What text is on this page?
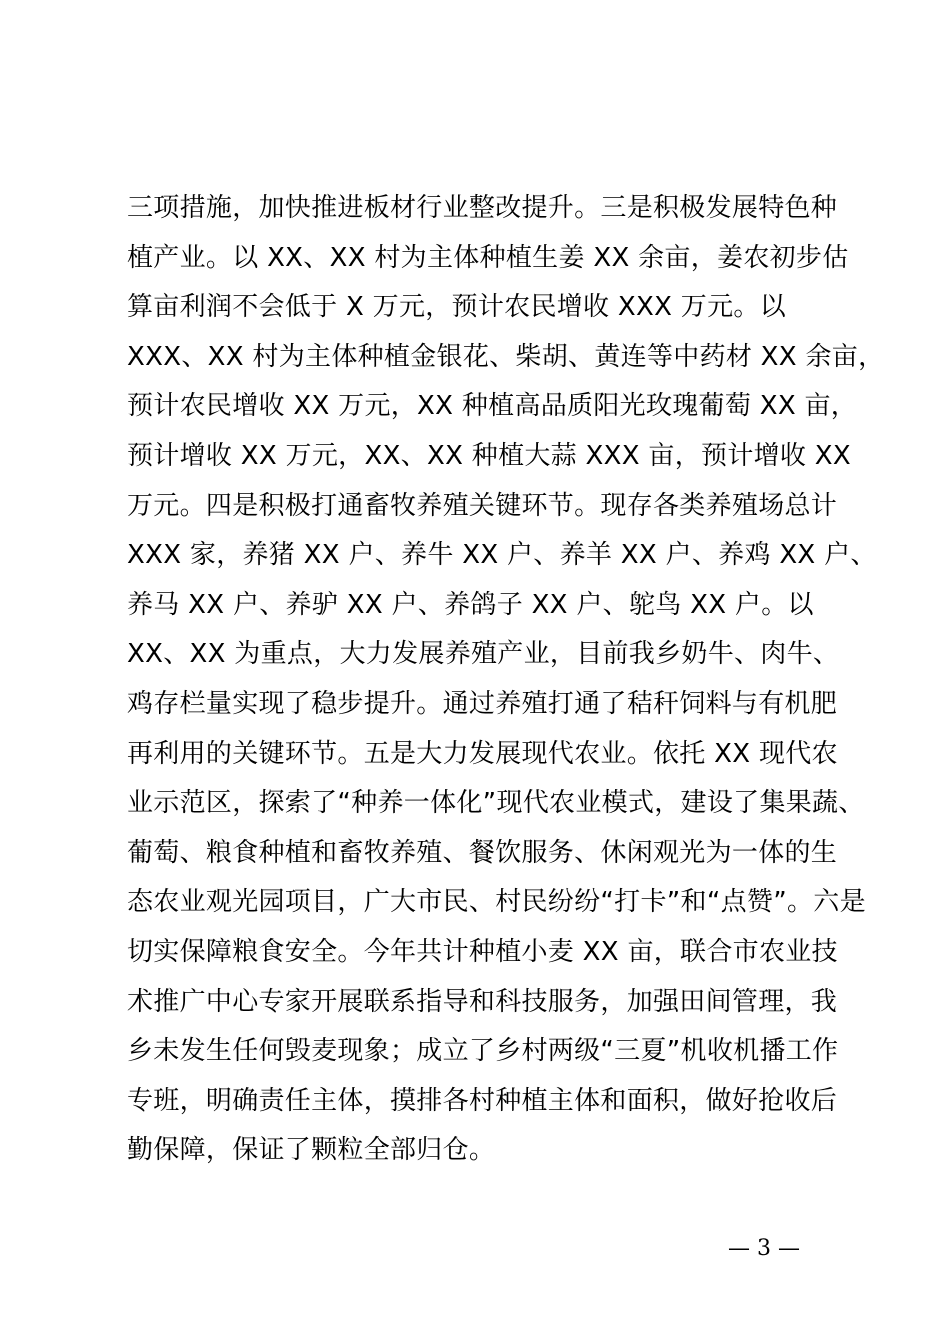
三项措施，加快推进板材行业整改提升。三是积极发展特色种
植产业。以 XX、XX 村为主体种植生姜 XX 余亩，姜农初步估
算亩利润不会低于 X 万元，预计农民增收 XXX 万元。以
XXX、XX 村为主体种植金银花、柴胡、黄连等中药材 XX 余亩，
预计农民增收 XX 万元，XX 种植高品质阳光玫瑰葡萄 XX 亩，
预计增收 XX 万元，XX、XX 种植大蒜 XXX 亩，预计增收 XX
万元。四是积极打通畜牧养殖关键环节。现存各类养殖场总计
XXX 家，养猪 XX 户、养牛 XX 户、养羊 XX 户、养鸡 XX 户、
养马 XX 户、养驴 XX 户、养鸽子 XX 户、鸵鸟 XX 户。以
XX、XX 为重点，大力发展养殖产业，目前我乡奶牛、肉牛、
鸡存栏量实现了稳步提升。通过养殖打通了秸秆饲料与有机肥
再利用的关键环节。五是大力发展现代农业。依托 XX 现代农
业示范区，探索了“种养一体化”现代农业模式，建设了集果蔬、
葡萄、粮食种植和畜牧养殖、餐饮服务、休闲观光为一体的生
态农业观光园项目，广大市民、村民纷纷“打卡”和“点赞”。六是
切实保障粮食安全。今年共计种植小麦 XX 亩，联合市农业技
术推广中心专家开展联系指导和科技服务，加强田间管理，我
乡未发生任何毁麦现象；成立了乡村两级“三夏”机收机播工作
专班，明确责任主体，摸排各村种植主体和面积，做好抢收后
勤保障，保证了颗粒全部归仓。
— 3 —
